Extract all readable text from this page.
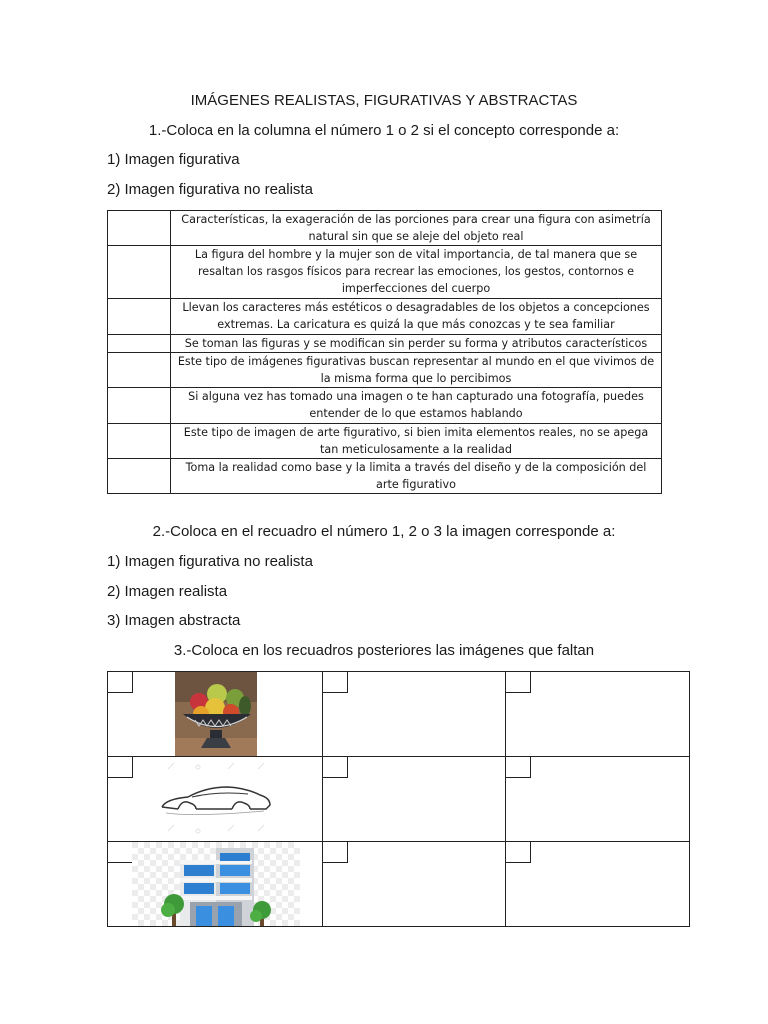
IMÁGENES REALISTAS, FIGURATIVAS Y ABSTRACTAS
1.-Coloca en la columna el número 1 o 2 si el concepto corresponde a:
1) Imagen figurativa
2) Imagen figurativa no realista
	Características, la exageración de las porciones para crear una figura con asimetría natural sin que se aleje del objeto real
	La figura del hombre y la mujer son de vital importancia, de tal manera que se resaltan los rasgos físicos para recrear las emociones, los gestos, contornos e imperfecciones del cuerpo
	Llevan los caracteres más estéticos o desagradables de los objetos a concepciones extremas. La caricatura es quizá la que más conozcas y te sea familiar
	Se toman las figuras y se modifican sin perder su forma y atributos característicos
	Este tipo de imágenes figurativas buscan representar al mundo en el que vivimos de la misma forma que lo percibimos
	Si alguna vez has tomado una imagen o te han capturado una fotografía, puedes entender de lo que estamos hablando
	Este tipo de imagen de arte figurativo, si bien imita elementos reales, no se apega tan meticulosamente a la realidad
	Toma la realidad como base y la limita a través del diseño y de la composición del arte figurativo
2.-Coloca en el recuadro el número 1, 2 o 3 la imagen corresponde a:
1) Imagen figurativa no realista
2) Imagen realista
3) Imagen abstracta
3.-Coloca en los recuadros posteriores las imágenes que faltan
